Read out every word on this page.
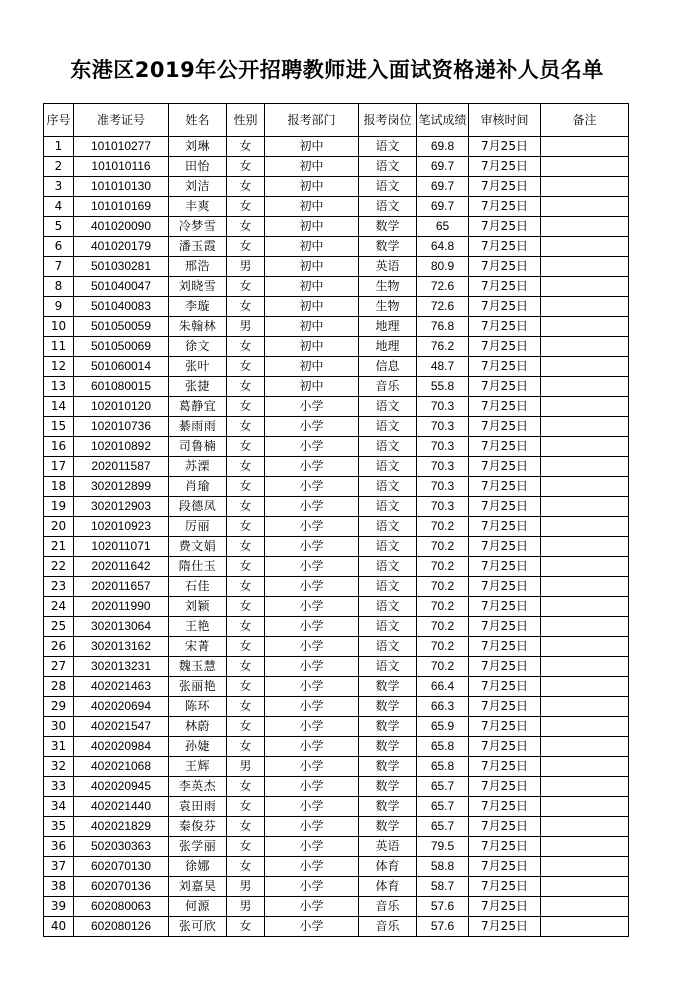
东港区2019年公开招聘教师进入面试资格递补人员名单
序号	准考证号	姓名	性别	报考部门	报考岗位	笔试成绩	审核时间	备注
1	101010277	刘琳	女	初中	语文	69.8	7月25日	
2	101010116	田怡	女	初中	语文	69.7	7月25日	
3	101010130	刘洁	女	初中	语文	69.7	7月25日	
4	101010169	丰爽	女	初中	语文	69.7	7月25日	
5	401020090	冷梦雪	女	初中	数学	65	7月25日	
6	401020179	潘玉霞	女	初中	数学	64.8	7月25日	
7	501030281	邢浩	男	初中	英语	80.9	7月25日	
8	501040047	刘晓雪	女	初中	生物	72.6	7月25日	
9	501040083	李璇	女	初中	生物	72.6	7月25日	
10	501050059	朱翰林	男	初中	地理	76.8	7月25日	
11	501050069	徐文	女	初中	地理	76.2	7月25日	
12	501060014	张叶	女	初中	信息	48.7	7月25日	
13	601080015	张捷	女	初中	音乐	55.8	7月25日	
14	102010120	葛静宜	女	小学	语文	70.3	7月25日	
15	102010736	綦雨雨	女	小学	语文	70.3	7月25日	
16	102010892	司鲁楠	女	小学	语文	70.3	7月25日	
17	202011587	苏溧	女	小学	语文	70.3	7月25日	
18	302012899	肖瑜	女	小学	语文	70.3	7月25日	
19	302012903	段德凤	女	小学	语文	70.3	7月25日	
20	102010923	厉丽	女	小学	语文	70.2	7月25日	
21	102011071	费文娟	女	小学	语文	70.2	7月25日	
22	202011642	隋仕玉	女	小学	语文	70.2	7月25日	
23	202011657	石佳	女	小学	语文	70.2	7月25日	
24	202011990	刘颖	女	小学	语文	70.2	7月25日	
25	302013064	王艳	女	小学	语文	70.2	7月25日	
26	302013162	宋菁	女	小学	语文	70.2	7月25日	
27	302013231	魏玉慧	女	小学	语文	70.2	7月25日	
28	402021463	张丽艳	女	小学	数学	66.4	7月25日	
29	402020694	陈环	女	小学	数学	66.3	7月25日	
30	402021547	林蔚	女	小学	数学	65.9	7月25日	
31	402020984	孙婕	女	小学	数学	65.8	7月25日	
32	402021068	王辉	男	小学	数学	65.8	7月25日	
33	402020945	李英杰	女	小学	数学	65.7	7月25日	
34	402021440	袁田雨	女	小学	数学	65.7	7月25日	
35	402021829	秦俊芬	女	小学	数学	65.7	7月25日	
36	502030363	张学丽	女	小学	英语	79.5	7月25日	
37	602070130	徐娜	女	小学	体育	58.8	7月25日	
38	602070136	刘嘉昊	男	小学	体育	58.7	7月25日	
39	602080063	何源	男	小学	音乐	57.6	7月25日	
40	602080126	张可欣	女	小学	音乐	57.6	7月25日	
